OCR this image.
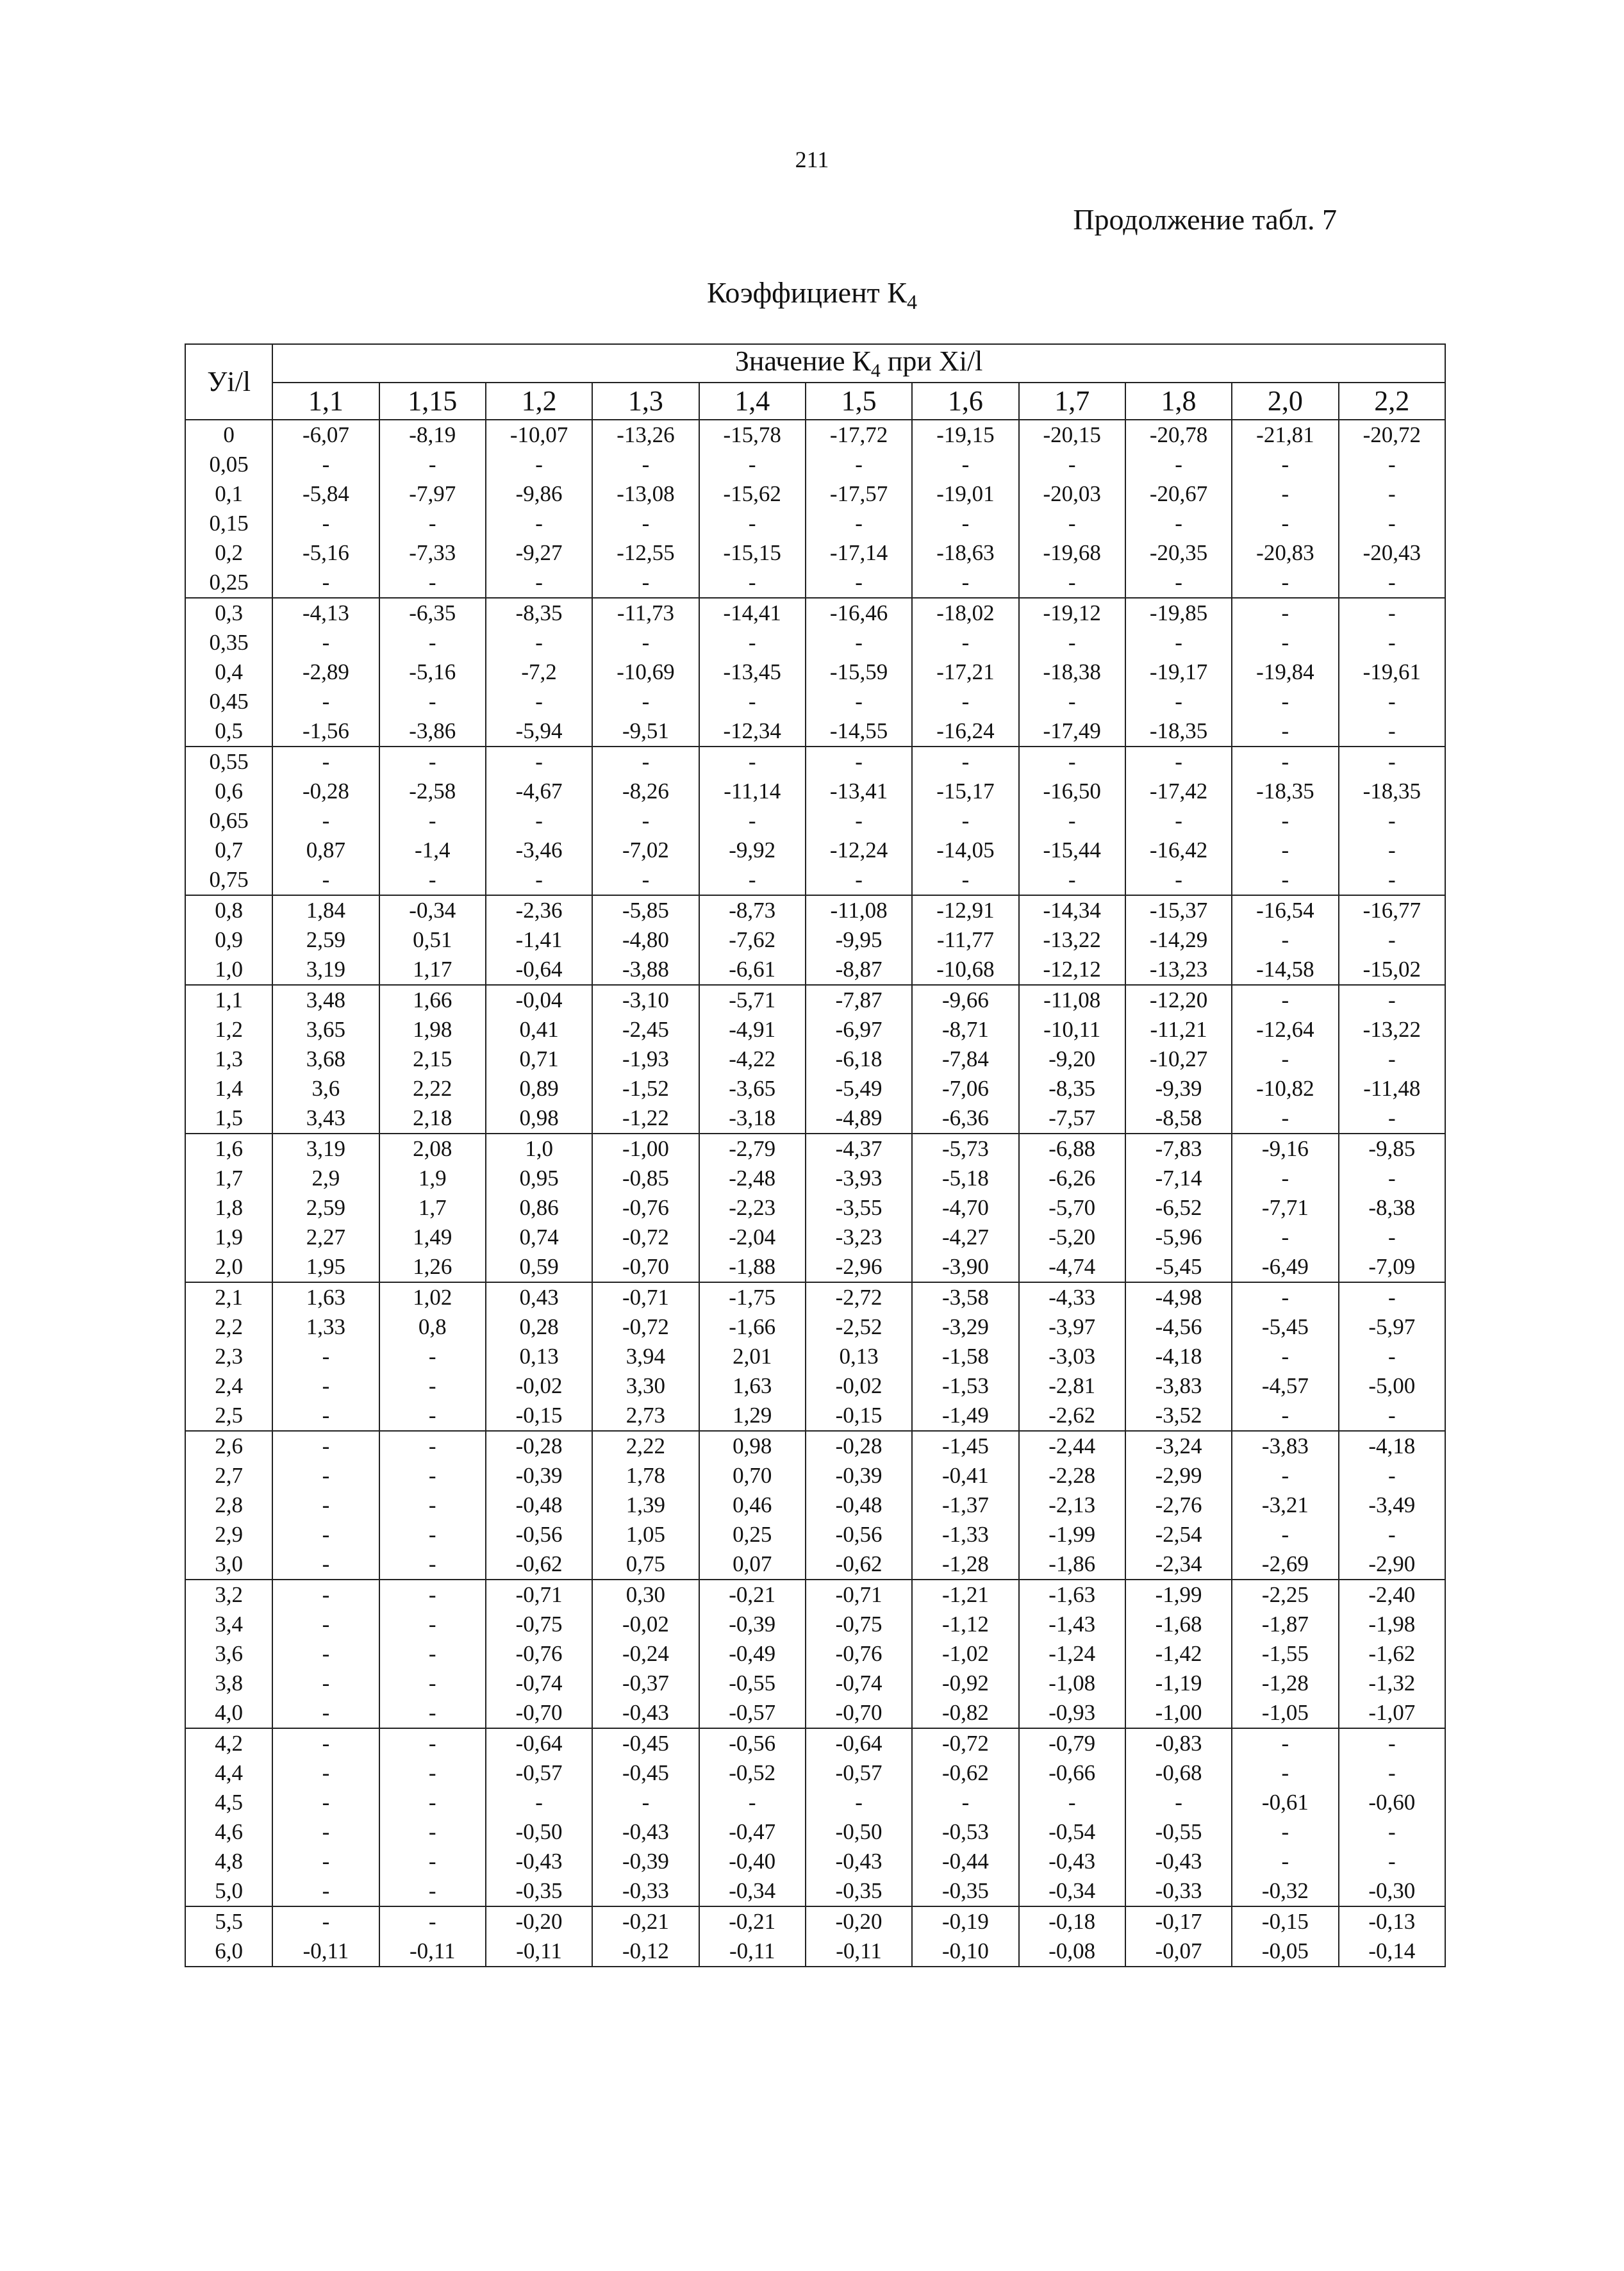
211
Продолжение табл. 7
Коэффициент $К_4$
Уi/l	Значение $К_4$ при Xi/l										
	1,1	1,15	1,2	1,3	1,4	1,5	1,6	1,7	1,8	2,0	2,2
0	-6,07	-8,19	-10,07	-13,26	-15,78	-17,72	-19,15	-20,15	-20,78	-21,81	-20,72
0,05	-	-	-	-	-	-	-	-	-	-	-
0,1	-5,84	-7,97	-9,86	-13,08	-15,62	-17,57	-19,01	-20,03	-20,67	-	-
0,15	-	-	-	-	-	-	-	-	-	-	-
0,2	-5,16	-7,33	-9,27	-12,55	-15,15	-17,14	-18,63	-19,68	-20,35	-20,83	-20,43
0,25	-	-	-	-	-	-	-	-	-	-	-
0,3	-4,13	-6,35	-8,35	-11,73	-14,41	-16,46	-18,02	-19,12	-19,85	-	-
0,35	-	-	-	-	-	-	-	-	-	-	-
0,4	-2,89	-5,16	-7,2	-10,69	-13,45	-15,59	-17,21	-18,38	-19,17	-19,84	-19,61
0,45	-	-	-	-	-	-	-	-	-	-	-
0,5	-1,56	-3,86	-5,94	-9,51	-12,34	-14,55	-16,24	-17,49	-18,35	-	-
0,55	-	-	-	-	-	-	-	-	-	-	-
0,6	-0,28	-2,58	-4,67	-8,26	-11,14	-13,41	-15,17	-16,50	-17,42	-18,35	-18,35
0,65	-	-	-	-	-	-	-	-	-	-	-
0,7	0,87	-1,4	-3,46	-7,02	-9,92	-12,24	-14,05	-15,44	-16,42	-	-
0,75	-	-	-	-	-	-	-	-	-	-	-
0,8	1,84	-0,34	-2,36	-5,85	-8,73	-11,08	-12,91	-14,34	-15,37	-16,54	-16,77
0,9	2,59	0,51	-1,41	-4,80	-7,62	-9,95	-11,77	-13,22	-14,29	-	-
1,0	3,19	1,17	-0,64	-3,88	-6,61	-8,87	-10,68	-12,12	-13,23	-14,58	-15,02
1,1	3,48	1,66	-0,04	-3,10	-5,71	-7,87	-9,66	-11,08	-12,20	-	-
1,2	3,65	1,98	0,41	-2,45	-4,91	-6,97	-8,71	-10,11	-11,21	-12,64	-13,22
1,3	3,68	2,15	0,71	-1,93	-4,22	-6,18	-7,84	-9,20	-10,27	-	-
1,4	3,6	2,22	0,89	-1,52	-3,65	-5,49	-7,06	-8,35	-9,39	-10,82	-11,48
1,5	3,43	2,18	0,98	-1,22	-3,18	-4,89	-6,36	-7,57	-8,58	-	-
1,6	3,19	2,08	1,0	-1,00	-2,79	-4,37	-5,73	-6,88	-7,83	-9,16	-9,85
1,7	2,9	1,9	0,95	-0,85	-2,48	-3,93	-5,18	-6,26	-7,14	-	-
1,8	2,59	1,7	0,86	-0,76	-2,23	-3,55	-4,70	-5,70	-6,52	-7,71	-8,38
1,9	2,27	1,49	0,74	-0,72	-2,04	-3,23	-4,27	-5,20	-5,96	-	-
2,0	1,95	1,26	0,59	-0,70	-1,88	-2,96	-3,90	-4,74	-5,45	-6,49	-7,09
2,1	1,63	1,02	0,43	-0,71	-1,75	-2,72	-3,58	-4,33	-4,98	-	-
2,2	1,33	0,8	0,28	-0,72	-1,66	-2,52	-3,29	-3,97	-4,56	-5,45	-5,97
2,3	-	-	0,13	3,94	2,01	0,13	-1,58	-3,03	-4,18	-	-
2,4	-	-	-0,02	3,30	1,63	-0,02	-1,53	-2,81	-3,83	-4,57	-5,00
2,5	-	-	-0,15	2,73	1,29	-0,15	-1,49	-2,62	-3,52	-	-
2,6	-	-	-0,28	2,22	0,98	-0,28	-1,45	-2,44	-3,24	-3,83	-4,18
2,7	-	-	-0,39	1,78	0,70	-0,39	-0,41	-2,28	-2,99	-	-
2,8	-	-	-0,48	1,39	0,46	-0,48	-1,37	-2,13	-2,76	-3,21	-3,49
2,9	-	-	-0,56	1,05	0,25	-0,56	-1,33	-1,99	-2,54	-	-
3,0	-	-	-0,62	0,75	0,07	-0,62	-1,28	-1,86	-2,34	-2,69	-2,90
3,2	-	-	-0,71	0,30	-0,21	-0,71	-1,21	-1,63	-1,99	-2,25	-2,40
3,4	-	-	-0,75	-0,02	-0,39	-0,75	-1,12	-1,43	-1,68	-1,87	-1,98
3,6	-	-	-0,76	-0,24	-0,49	-0,76	-1,02	-1,24	-1,42	-1,55	-1,62
3,8	-	-	-0,74	-0,37	-0,55	-0,74	-0,92	-1,08	-1,19	-1,28	-1,32
4,0	-	-	-0,70	-0,43	-0,57	-0,70	-0,82	-0,93	-1,00	-1,05	-1,07
4,2	-	-	-0,64	-0,45	-0,56	-0,64	-0,72	-0,79	-0,83	-	-
4,4	-	-	-0,57	-0,45	-0,52	-0,57	-0,62	-0,66	-0,68	-	-
4,5	-	-	-	-	-	-	-	-	-	-0,61	-0,60
4,6	-	-	-0,50	-0,43	-0,47	-0,50	-0,53	-0,54	-0,55	-	-
4,8	-	-	-0,43	-0,39	-0,40	-0,43	-0,44	-0,43	-0,43	-	-
5,0	-	-	-0,35	-0,33	-0,34	-0,35	-0,35	-0,34	-0,33	-0,32	-0,30
5,5	-	-	-0,20	-0,21	-0,21	-0,20	-0,19	-0,18	-0,17	-0,15	-0,13
6,0	-0,11	-0,11	-0,11	-0,12	-0,11	-0,11	-0,10	-0,08	-0,07	-0,05	-0,14
